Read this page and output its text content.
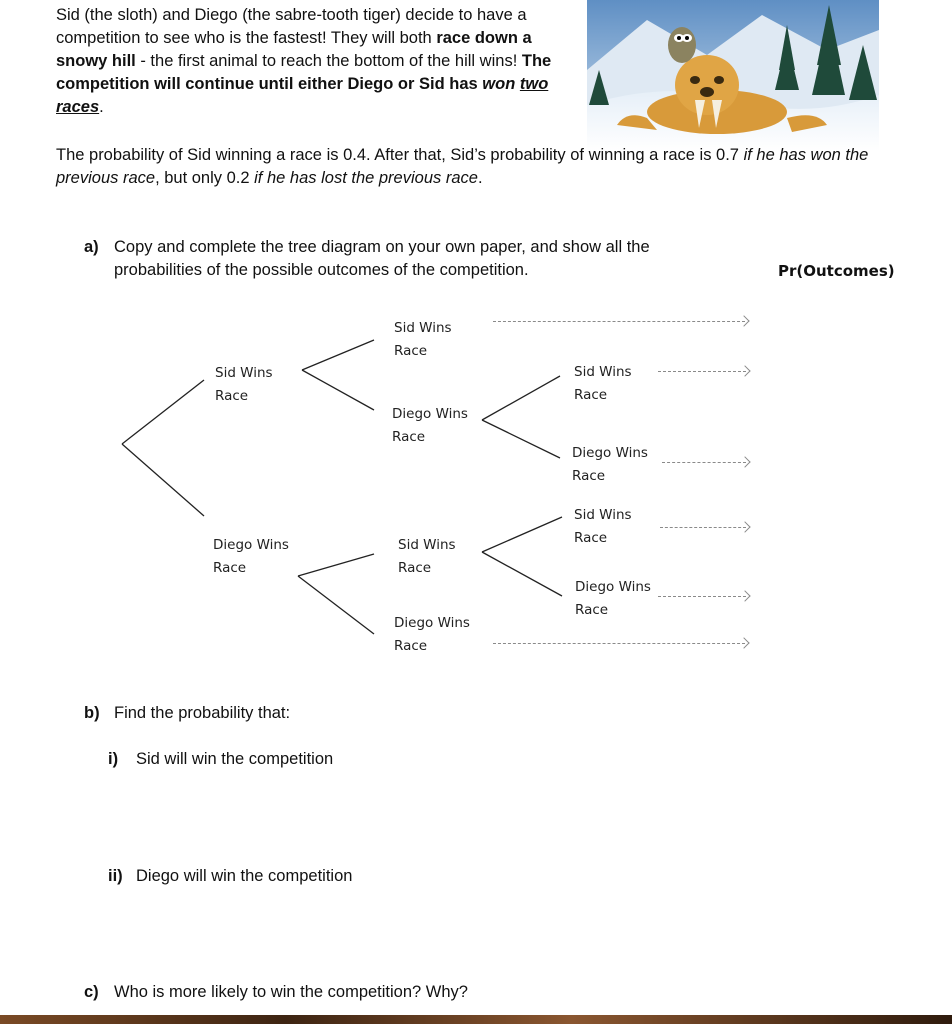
Sid (the sloth) and Diego (the sabre-tooth tiger) decide to have a competition to see who is the fastest! They will both race down a snowy hill - the first animal to reach the bottom of the hill wins! The competition will continue until either Diego or Sid has won two races.
The probability of Sid winning a race is 0.4. After that, Sid’s probability of winning a race is 0.7 if he has won the previous race, but only 0.2 if he has lost the previous race.
a) Copy and complete the tree diagram on your own paper, and show all the probabilities of the possible outcomes of the competition.	Pr(Outcomes)
Sid Wins
Race
Diego Wins
Race
Sid Wins
Race
Diego Wins
Race
Sid Wins
Race
Diego Wins
Race
Sid Wins
Race
Diego Wins
Race
Sid Wins
Race
Diego Wins
Race
b) Find the probability that:
i) Sid will win the competition
ii) Diego will win the competition
c) Who is more likely to win the competition? Why?
